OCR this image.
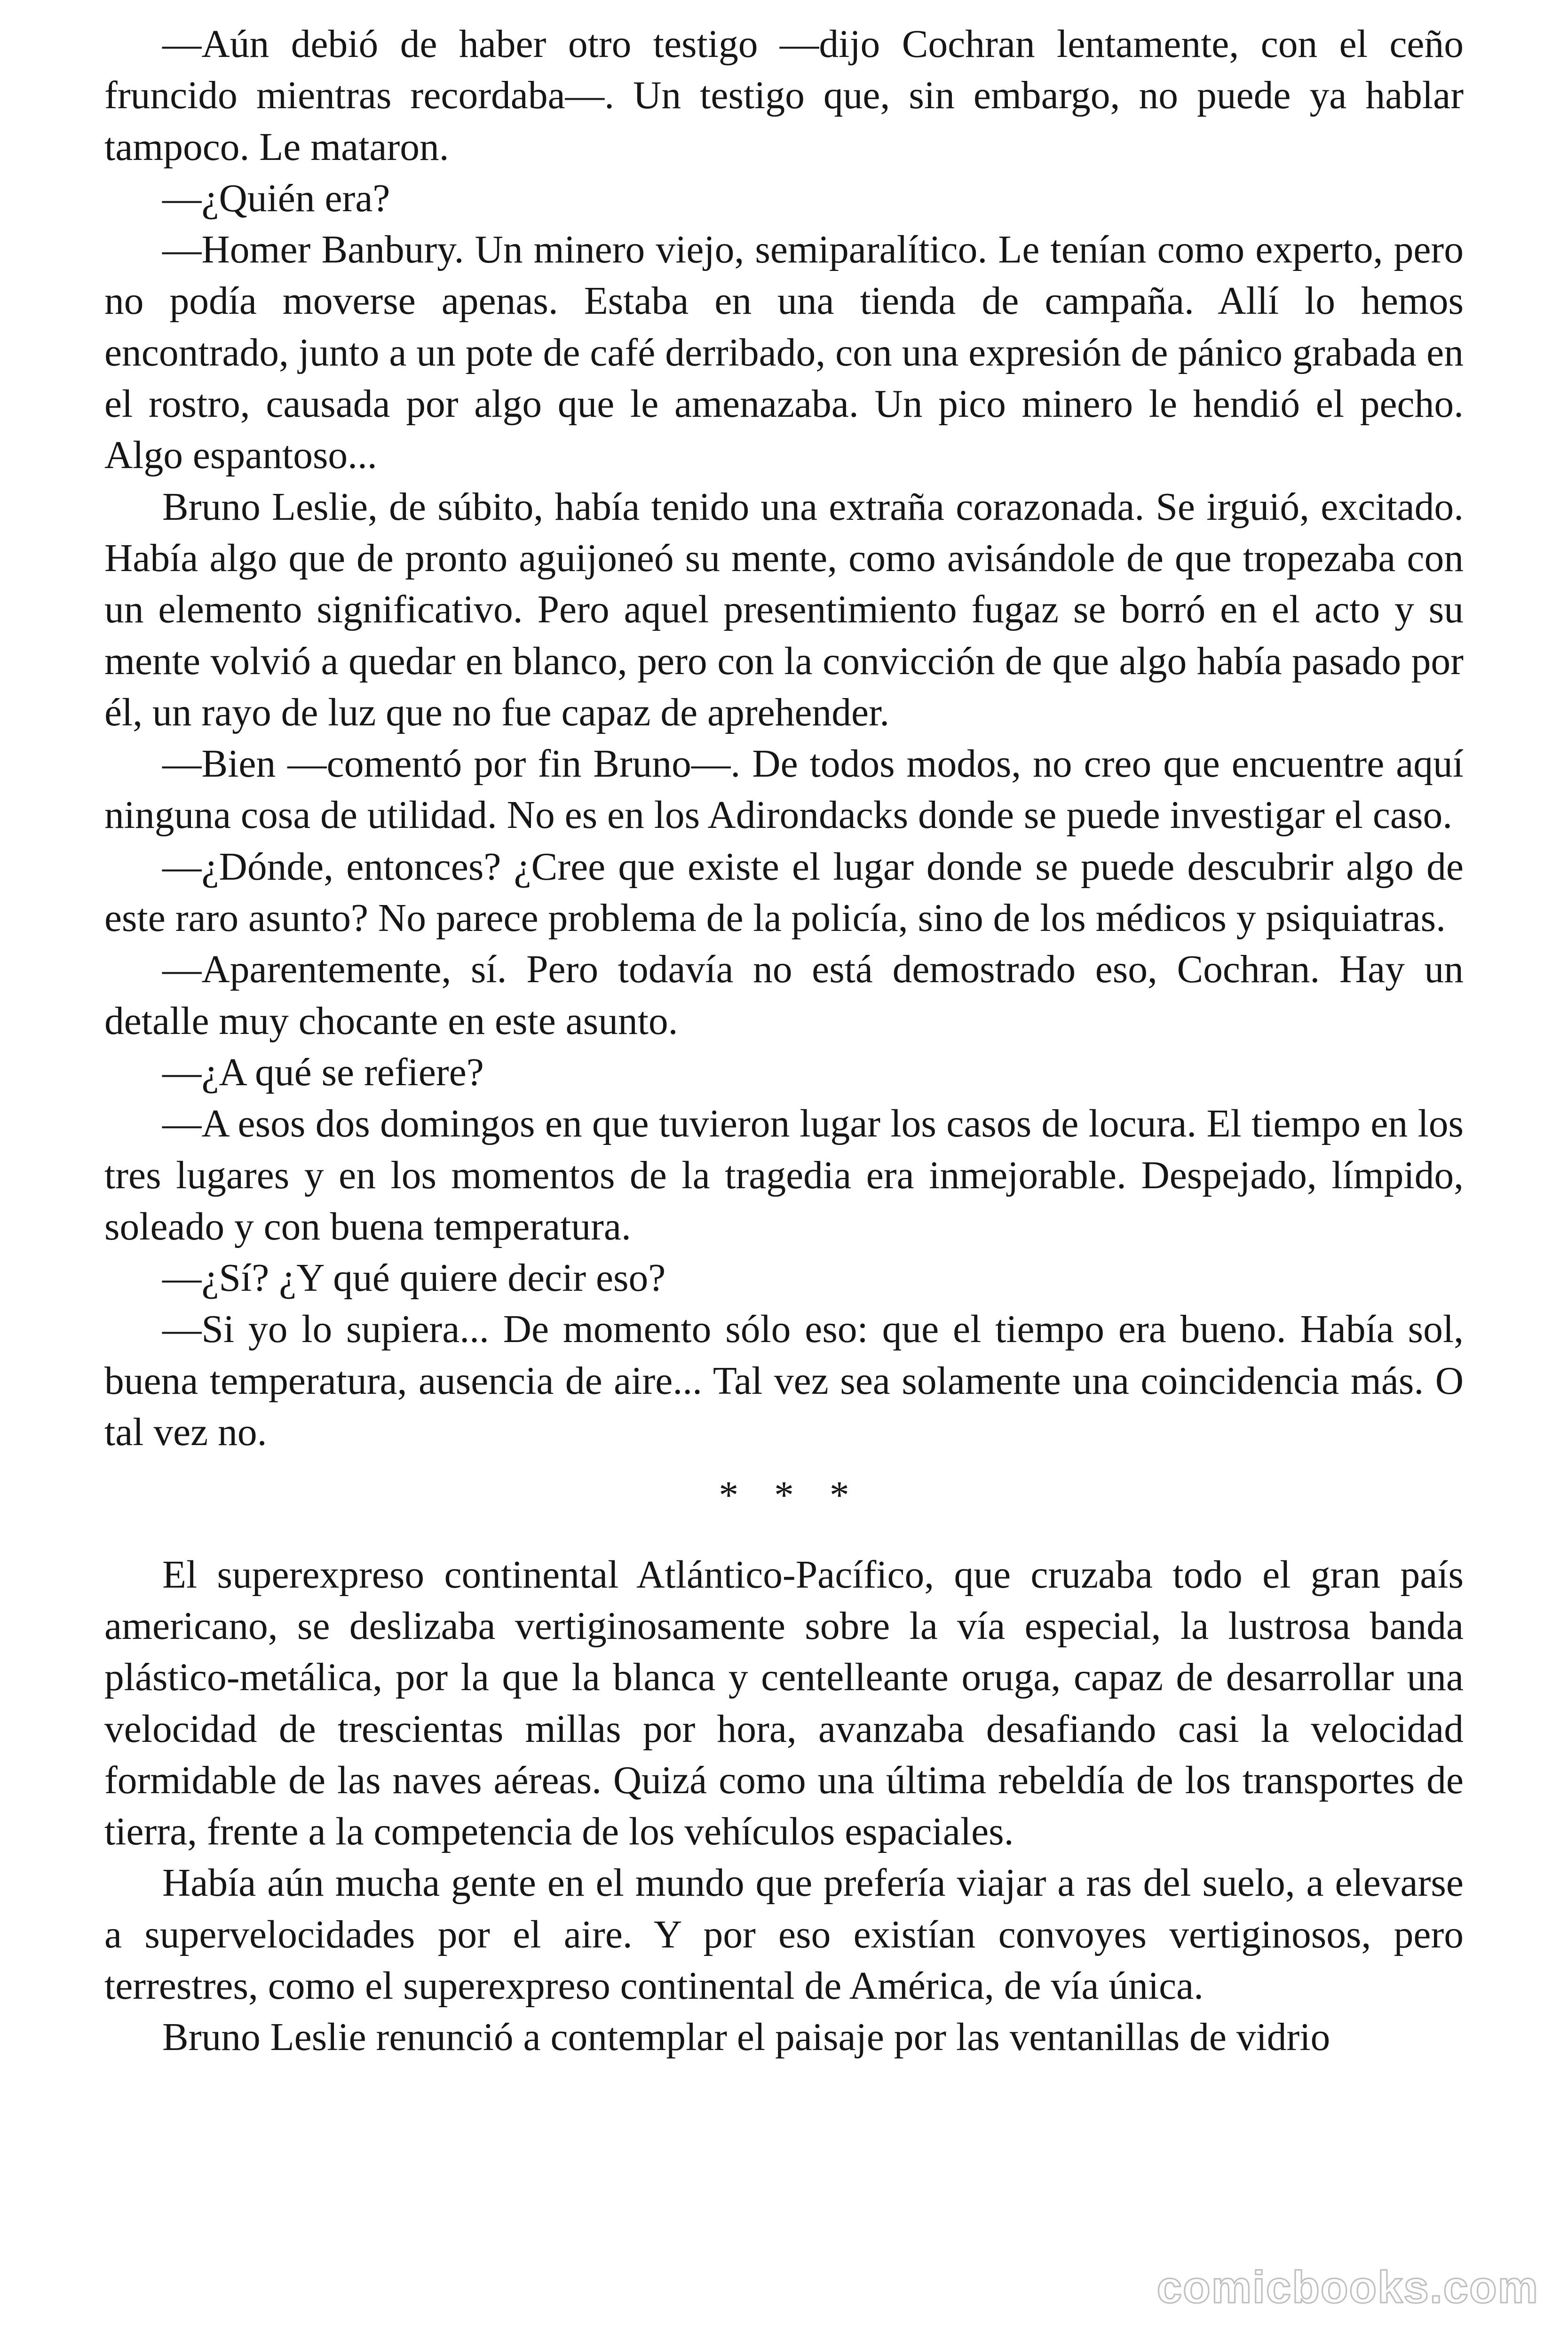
—Aún debió de haber otro testigo —dijo Cochran lentamente, con el ceño fruncido mientras recordaba—. Un testigo que, sin embargo, no puede ya hablar tampoco. Le mataron.

—¿Quién era?

—Homer Banbury. Un minero viejo, semiparalítico. Le tenían como experto, pero no podía moverse apenas. Estaba en una tienda de campaña. Allí lo hemos encontrado, junto a un pote de café derribado, con una expresión de pánico grabada en el rostro, causada por algo que le amenazaba. Un pico minero le hendió el pecho. Algo espantoso...

Bruno Leslie, de súbito, había tenido una extraña corazonada. Se irguió, excitado. Había algo que de pronto aguijoneó su mente, como avisándole de que tropezaba con un elemento significativo. Pero aquel presentimiento fugaz se borró en el acto y su mente volvió a quedar en blanco, pero con la convicción de que algo había pasado por él, un rayo de luz que no fue capaz de aprehender.

—Bien —comentó por fin Bruno—. De todos modos, no creo que encuentre aquí ninguna cosa de utilidad. No es en los Adirondacks donde se puede investigar el caso.

—¿Dónde, entonces? ¿Cree que existe el lugar donde se puede descubrir algo de este raro asunto? No parece problema de la policía, sino de los médicos y psiquiatras.

—Aparentemente, sí. Pero todavía no está demostrado eso, Cochran. Hay un detalle muy chocante en este asunto.

—¿A qué se refiere?

—A esos dos domingos en que tuvieron lugar los casos de locura. El tiempo en los tres lugares y en los momentos de la tragedia era inmejorable. Despejado, límpido, soleado y con buena temperatura.

—¿Sí? ¿Y qué quiere decir eso?

—Si yo lo supiera... De momento sólo eso: que el tiempo era bueno. Había sol, buena temperatura, ausencia de aire... Tal vez sea solamente una coincidencia más. O tal vez no.

* * *

El superexpreso continental Atlántico-Pacífico, que cruzaba todo el gran país americano, se deslizaba vertiginosamente sobre la vía especial, la lustrosa banda plástico-metálica, por la que la blanca y centelleante oruga, capaz de desarrollar una velocidad de trescientas millas por hora, avanzaba desafiando casi la velocidad formidable de las naves aéreas. Quizá como una última rebeldía de los transportes de tierra, frente a la competencia de los vehículos espaciales.

Había aún mucha gente en el mundo que prefería viajar a ras del suelo, a elevarse a supervelocidades por el aire. Y por eso existían convoyes vertiginosos, pero terrestres, como el superexpreso continental de América, de vía única.

Bruno Leslie renunció a contemplar el paisaje por las ventanillas de vidrio

comicbooks.com
